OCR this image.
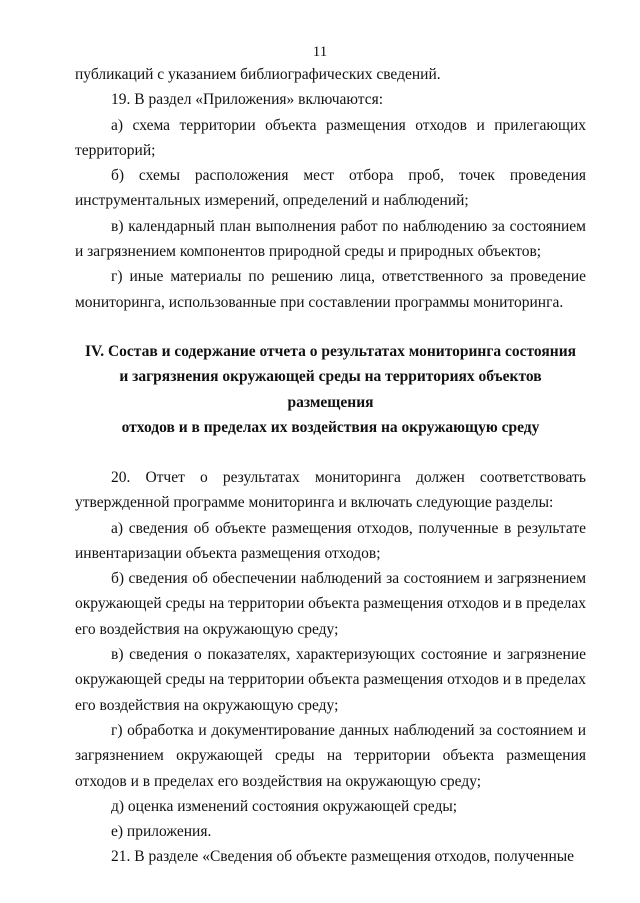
11

публикаций с указанием библиографических сведений.

19. В раздел «Приложения» включаются:

а) схема территории объекта размещения отходов и прилегающих территорий;

б) схемы расположения мест отбора проб, точек проведения инструментальных измерений, определений и наблюдений;

в) календарный план выполнения работ по наблюдению за состоянием и загрязнением компонентов природной среды и природных объектов;

г) иные материалы по решению лица, ответственного за проведение мониторинга, использованные при составлении программы мониторинга.

IV. Состав и содержание отчета о результатах мониторинга состояния

и загрязнения окружающей среды на территориях объектов размещения

отходов и в пределах их воздействия на окружающую среду

20. Отчет о результатах мониторинга должен соответствовать утвержденной программе мониторинга и включать следующие разделы:

а) сведения об объекте размещения отходов, полученные в результате инвентаризации объекта размещения отходов;

б) сведения об обеспечении наблюдений за состоянием и загрязнением окружающей среды на территории объекта размещения отходов и в пределах его воздействия на окружающую среду;

в) сведения о показателях, характеризующих состояние и загрязнение окружающей среды на территории объекта размещения отходов и в пределах его воздействия на окружающую среду;

г) обработка и документирование данных наблюдений за состоянием и загрязнением окружающей среды на территории объекта размещения отходов и в пределах его воздействия на окружающую среду;

д) оценка изменений состояния окружающей среды;

е) приложения.

21. В разделе «Сведения об объекте размещения отходов, полученные
